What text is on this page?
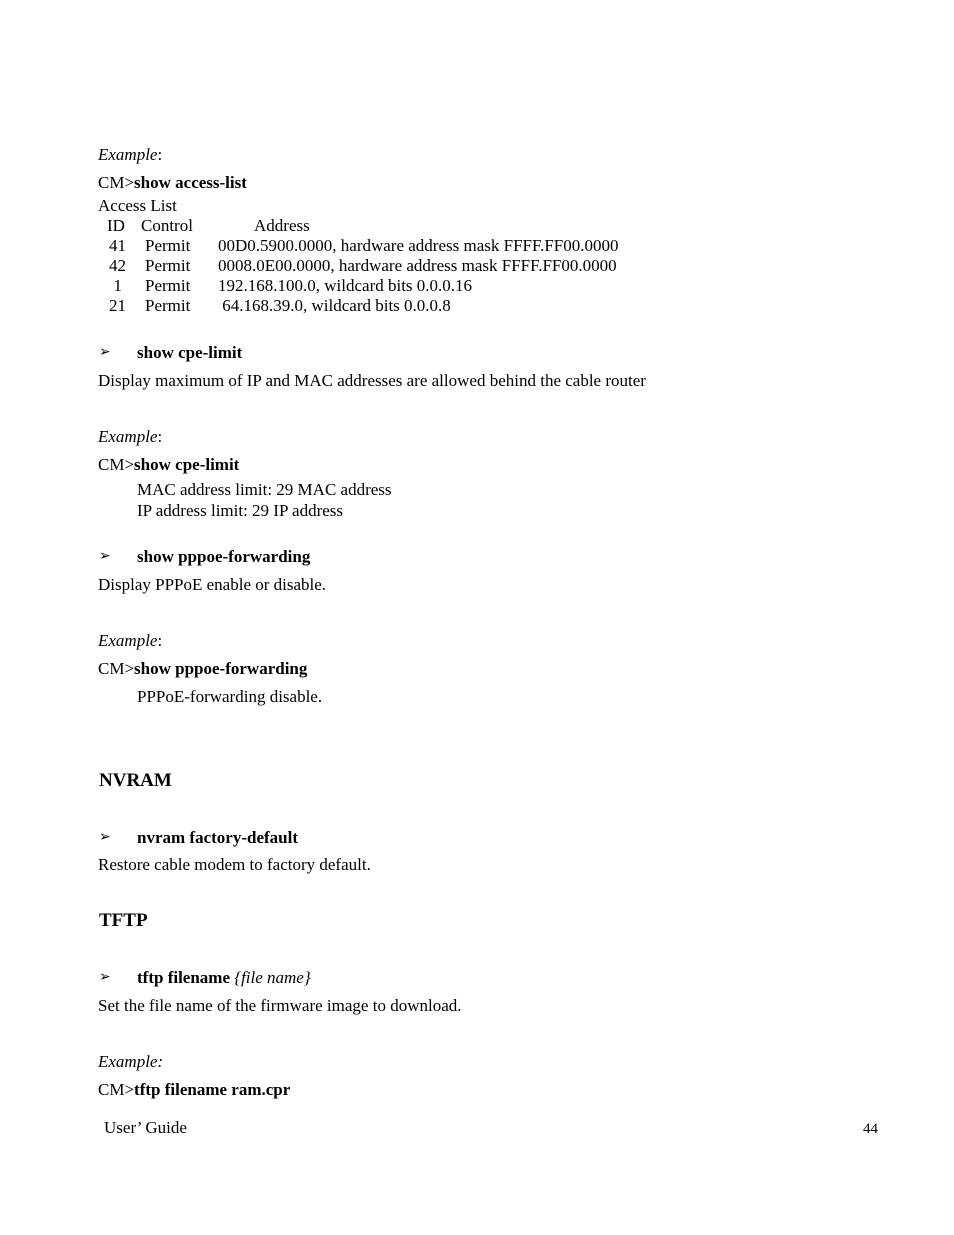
Example:
CM>show access-list
Access List
ID Control	Address
41 Permit 00D0.5900.0000, hardware address mask FFFF.FF00.0000
42 Permit 0008.0E00.0000, hardware address mask FFFF.FF00.0000
1 Permit 192.168.100.0, wildcard bits 0.0.0.16
21 Permit 64.168.39.0, wildcard bits 0.0.0.8
➢ show cpe-limit
Display maximum of IP and MAC addresses are allowed behind the cable router
Example:
CM>show cpe-limit
MAC address limit: 29 MAC address
IP address limit: 29 IP address
➢ show pppoe-forwarding
Display PPPoE enable or disable.
Example:
CM>show pppoe-forwarding
PPPoE-forwarding disable.
NVRAM
➢ nvram factory-default
Restore cable modem to factory default.
TFTP
➢ tftp filename {file name}
Set the file name of the firmware image to download.
Example:
CM>tftp filename ram.cpr
User’ Guide	44
